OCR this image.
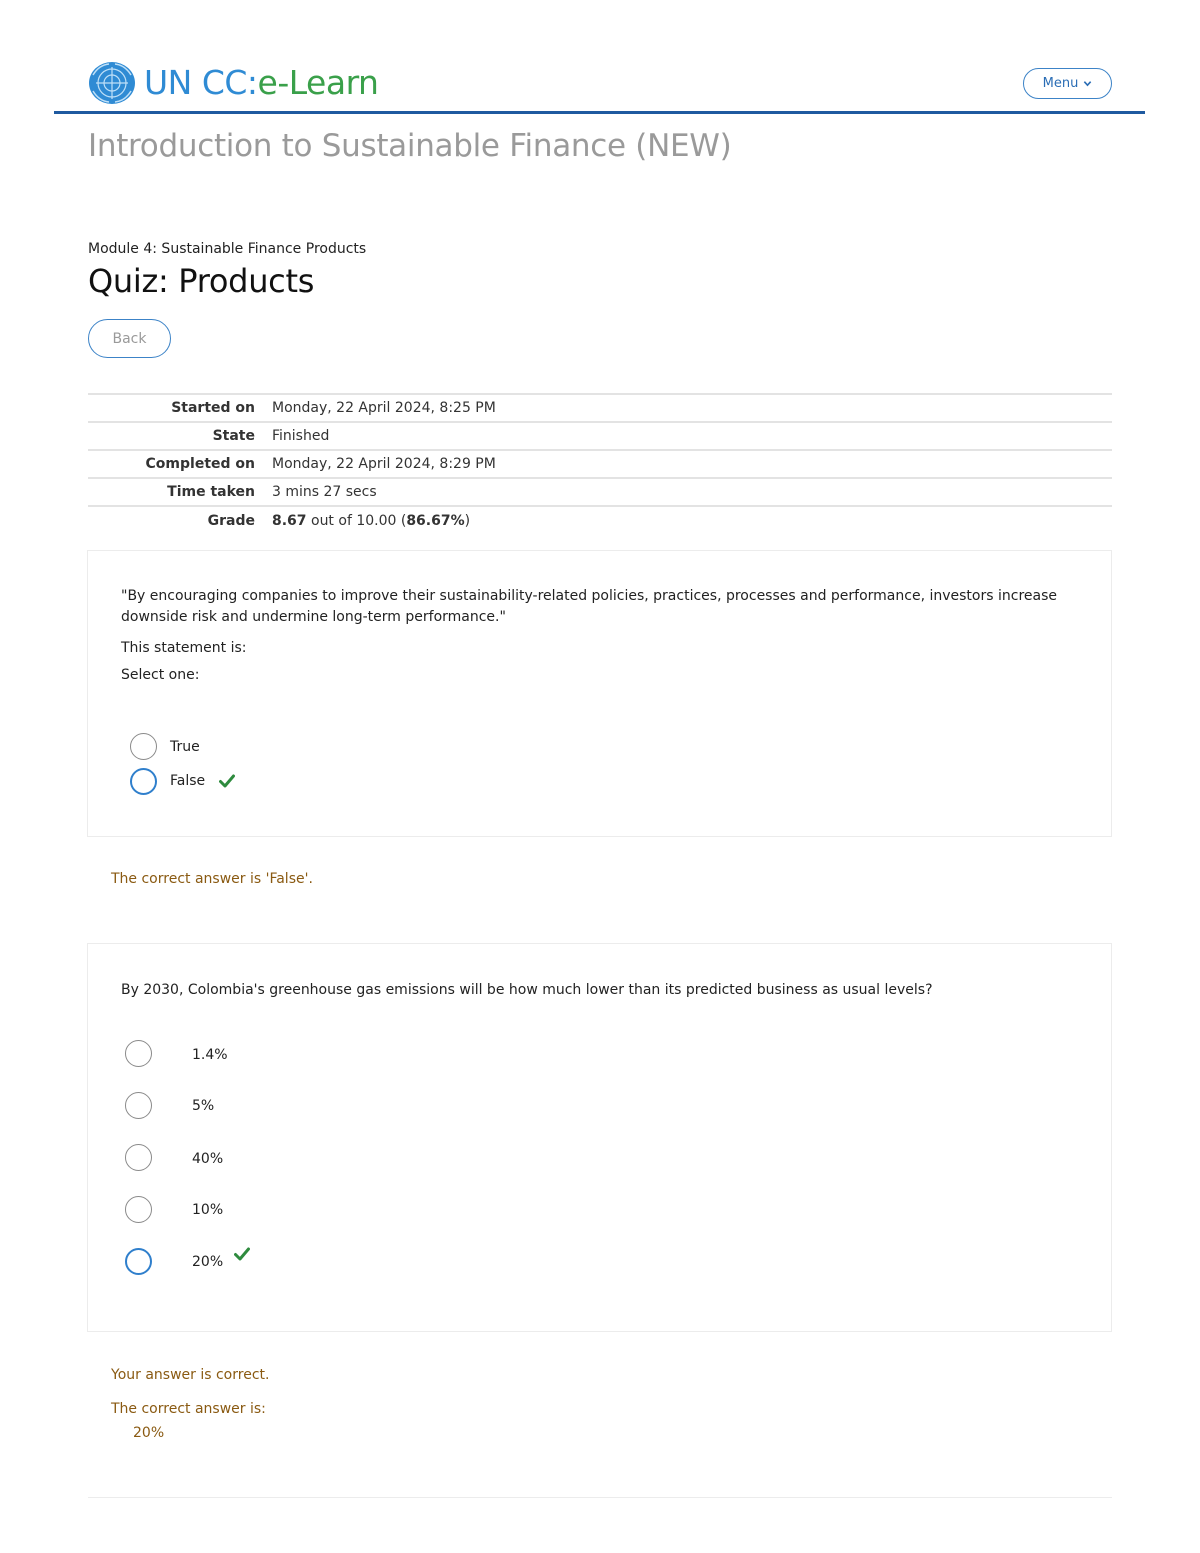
UN CC:e-Learn	Menu
Introduction to Sustainable Finance (NEW)
Module 4: Sustainable Finance Products
Quiz: Products
Back
Started on Monday, 22 April 2024, 8:25 PM
State Finished
Completed on Monday, 22 April 2024, 8:29 PM
Time taken 3 mins 27 secs
Grade 8.67 out of 10.00 (86.67%)
"By encouraging companies to improve their sustainability-related policies, practices, processes and performance, investors increase downside risk and undermine long-term performance."
This statement is:
Select one:
True
False
The correct answer is 'False'.
By 2030, Colombia's greenhouse gas emissions will be how much lower than its predicted business as usual levels?
1.4%
5%
40%
10%
20%
Your answer is correct.
The correct answer is:
20%
